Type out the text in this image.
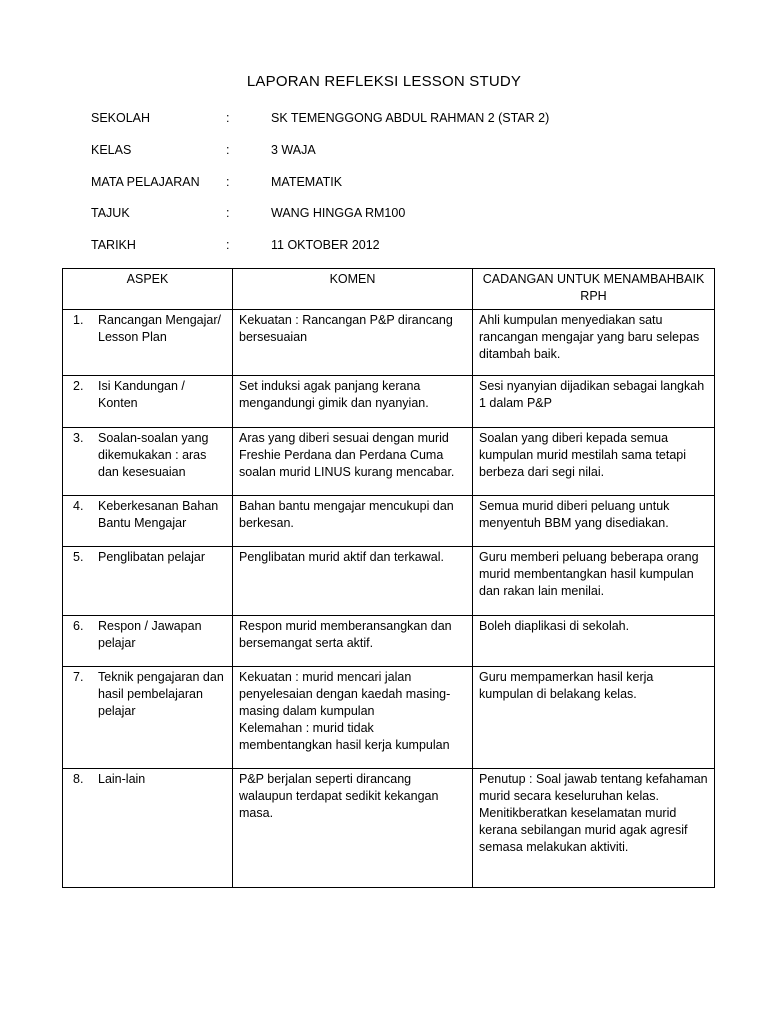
LAPORAN REFLEKSI LESSON STUDY
SEKOLAH	:	SK TEMENGGONG ABDUL RAHMAN 2 (STAR 2)
KELAS	:	3 WAJA
MATA PELAJARAN :	MATEMATIK
TAJUK	:	WANG HINGGA RM100
TARIKH	:	11 OKTOBER 2012
ASPEK	KOMEN	CADANGAN UNTUK MENAMBAHBAIK RPH

1. Rancangan Mengajar/ Lesson Plan	Kekuatan : Rancangan P&P dirancang bersesuaian	Ahli kumpulan menyediakan satu rancangan mengajar yang baru selepas ditambah baik.

2. Isi Kandungan / Konten	Set induksi agak panjang kerana mengandungi gimik dan nyanyian.	Sesi nyanyian dijadikan sebagai langkah 1 dalam P&P

3. Soalan-soalan yang dikemukakan : aras dan kesesuaian	Aras yang diberi sesuai dengan murid Freshie Perdana dan Perdana Cuma soalan murid LINUS kurang mencabar.	Soalan yang diberi kepada semua kumpulan murid mestilah sama tetapi berbeza dari segi nilai.

4. Keberkesanan Bahan Bantu Mengajar	Bahan bantu mengajar mencukupi dan berkesan.	Semua murid diberi peluang untuk menyentuh BBM yang disediakan.

5. Penglibatan pelajar	Penglibatan murid aktif dan terkawal.	Guru memberi peluang beberapa orang murid membentangkan hasil kumpulan dan rakan lain menilai.

6. Respon / Jawapan pelajar	Respon murid memberansangkan dan bersemangat serta aktif.	Boleh diaplikasi di sekolah.

7. Teknik pengajaran dan hasil pembelajaran pelajar	Kekuatan : murid mencari jalan penyelesaian dengan kaedah masing-masing dalam kumpulan
Kelemahan : murid tidak membentangkan hasil kerja kumpulan	Guru mempamerkan hasil kerja kumpulan di belakang kelas.

8. Lain-lain	P&P berjalan seperti dirancang walaupun terdapat sedikit kekangan masa.	Penutup : Soal jawab tentang kefahaman murid secara keseluruhan kelas.
Menitikberatkan keselamatan murid kerana sebilangan murid agak agresif semasa melakukan aktiviti.
